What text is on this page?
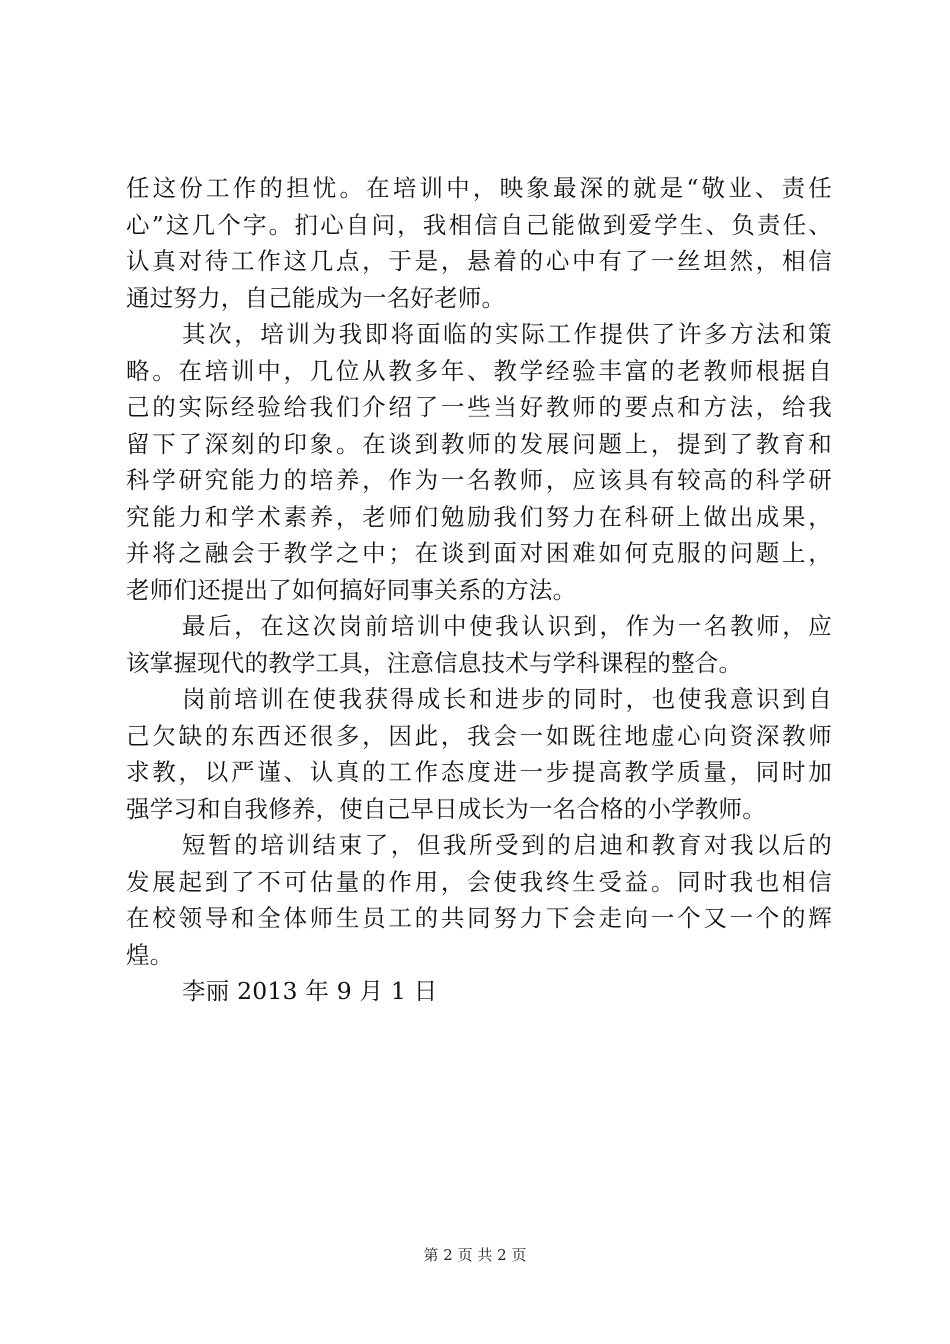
任这份工作的担忧。在培训中，映象最深的就是“敬业、责任
心”这几个字。扪心自问，我相信自己能做到爱学生、负责任、
认真对待工作这几点，于是，悬着的心中有了一丝坦然，相信
通过努力，自己能成为一名好老师。
其次，培训为我即将面临的实际工作提供了许多方法和策
略。在培训中，几位从教多年、教学经验丰富的老教师根据自
己的实际经验给我们介绍了一些当好教师的要点和方法，给我
留下了深刻的印象。在谈到教师的发展问题上，提到了教育和
科学研究能力的培养，作为一名教师，应该具有较高的科学研
究能力和学术素养，老师们勉励我们努力在科研上做出成果，
并将之融会于教学之中；在谈到面对困难如何克服的问题上，
老师们还提出了如何搞好同事关系的方法。
最后，在这次岗前培训中使我认识到，作为一名教师，应
该掌握现代的教学工具，注意信息技术与学科课程的整合。
岗前培训在使我获得成长和进步的同时，也使我意识到自
己欠缺的东西还很多，因此，我会一如既往地虚心向资深教师
求教，以严谨、认真的工作态度进一步提高教学质量，同时加
强学习和自我修养，使自己早日成长为一名合格的小学教师。
短暂的培训结束了，但我所受到的启迪和教育对我以后的
发展起到了不可估量的作用，会使我终生受益。同时我也相信
在校领导和全体师生员工的共同努力下会走向一个又一个的辉
煌。
李丽 2013 年 9 月 1 日
第 2 页 共 2 页
